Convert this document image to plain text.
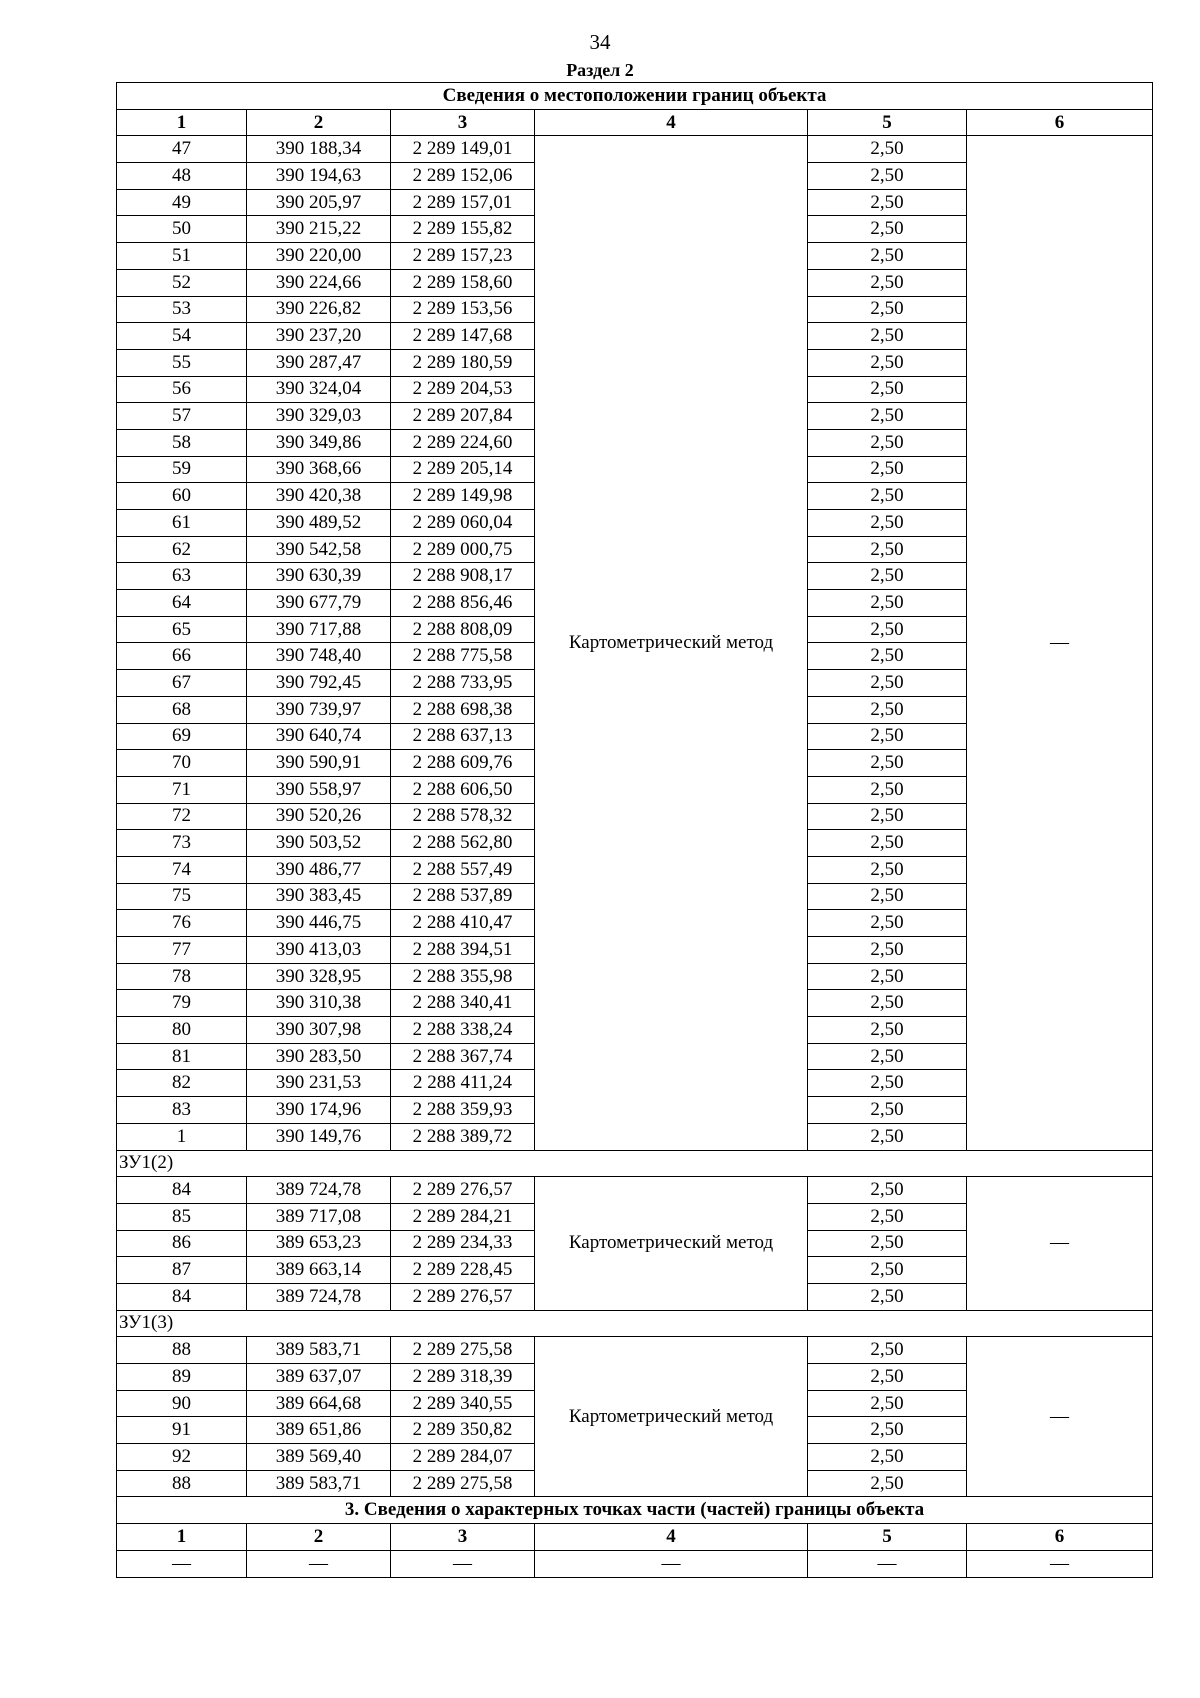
34
Раздел 2
Сведения о местоположении границ объекта					
1	2	3	4	5	6
47	390 188,34	2 289 149,01	Картометрический метод	2,50	—
48	390 194,63	2 289 152,06		2,50	
49	390 205,97	2 289 157,01		2,50	
50	390 215,22	2 289 155,82		2,50	
51	390 220,00	2 289 157,23		2,50	
52	390 224,66	2 289 158,60		2,50	
53	390 226,82	2 289 153,56		2,50	
54	390 237,20	2 289 147,68		2,50	
55	390 287,47	2 289 180,59		2,50	
56	390 324,04	2 289 204,53		2,50	
57	390 329,03	2 289 207,84		2,50	
58	390 349,86	2 289 224,60		2,50	
59	390 368,66	2 289 205,14		2,50	
60	390 420,38	2 289 149,98		2,50	
61	390 489,52	2 289 060,04		2,50	
62	390 542,58	2 289 000,75		2,50	
63	390 630,39	2 288 908,17		2,50	
64	390 677,79	2 288 856,46		2,50	
65	390 717,88	2 288 808,09		2,50	
66	390 748,40	2 288 775,58		2,50	
67	390 792,45	2 288 733,95		2,50	
68	390 739,97	2 288 698,38		2,50	
69	390 640,74	2 288 637,13		2,50	
70	390 590,91	2 288 609,76		2,50	
71	390 558,97	2 288 606,50		2,50	
72	390 520,26	2 288 578,32		2,50	
73	390 503,52	2 288 562,80		2,50	
74	390 486,77	2 288 557,49		2,50	
75	390 383,45	2 288 537,89		2,50	
76	390 446,75	2 288 410,47		2,50	
77	390 413,03	2 288 394,51		2,50	
78	390 328,95	2 288 355,98		2,50	
79	390 310,38	2 288 340,41		2,50	
80	390 307,98	2 288 338,24		2,50	
81	390 283,50	2 288 367,74		2,50	
82	390 231,53	2 288 411,24		2,50	
83	390 174,96	2 288 359,93		2,50	
1	390 149,76	2 288 389,72		2,50	
ЗУ1(2)					
84	389 724,78	2 289 276,57	Картометрический метод	2,50	—
85	389 717,08	2 289 284,21		2,50	
86	389 653,23	2 289 234,33		2,50	
87	389 663,14	2 289 228,45		2,50	
84	389 724,78	2 289 276,57		2,50	
ЗУ1(3)					
88	389 583,71	2 289 275,58	Картометрический метод	2,50	—
89	389 637,07	2 289 318,39		2,50	
90	389 664,68	2 289 340,55		2,50	
91	389 651,86	2 289 350,82		2,50	
92	389 569,40	2 289 284,07		2,50	
88	389 583,71	2 289 275,58		2,50	
3. Сведения о характерных точках части (частей) границы объекта					
1	2	3	4	5	6
—	—	—	—	—	—
